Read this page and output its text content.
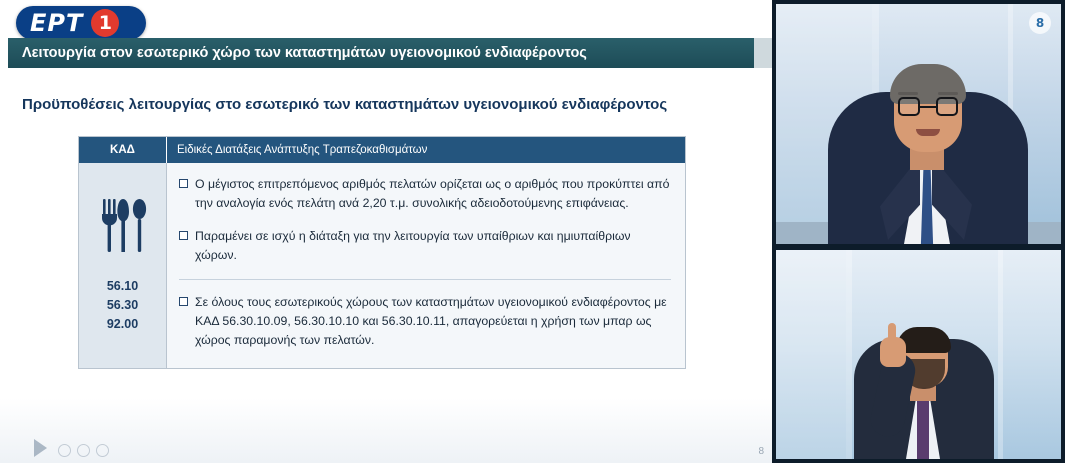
ΕΡΤ 1
Λειτουργία στον εσωτερικό χώρο των καταστημάτων υγειονομικού ενδιαφέροντος
Προϋποθέσεις λειτουργίας στο εσωτερικό των καταστημάτων υγειονομικού ενδιαφέροντος
ΚΑΔ	Ειδικές Διατάξεις Ανάπτυξης Τραπεζοκαθισμάτων
56.10
56.30
92.00
Ο μέγιστος επιτρεπόμενος αριθμός πελατών ορίζεται ως ο αριθμός που προκύπτει από την αναλογία ενός πελάτη ανά 2,20 τ.μ. συνολικής αδειοδοτούμενης επιφάνειας.
Παραμένει σε ισχύ η διάταξη για την λειτουργία των υπαίθριων και ημιυπαίθριων χώρων.
Σε όλους τους εσωτερικούς χώρους των καταστημάτων υγειονομικού ενδιαφέροντος με ΚΑΔ 56.30.10.09, 56.30.10.10 και 56.30.10.11, απαγορεύεται η χρήση των μπαρ ως χώρος παραμονής των πελατών.
8
8
